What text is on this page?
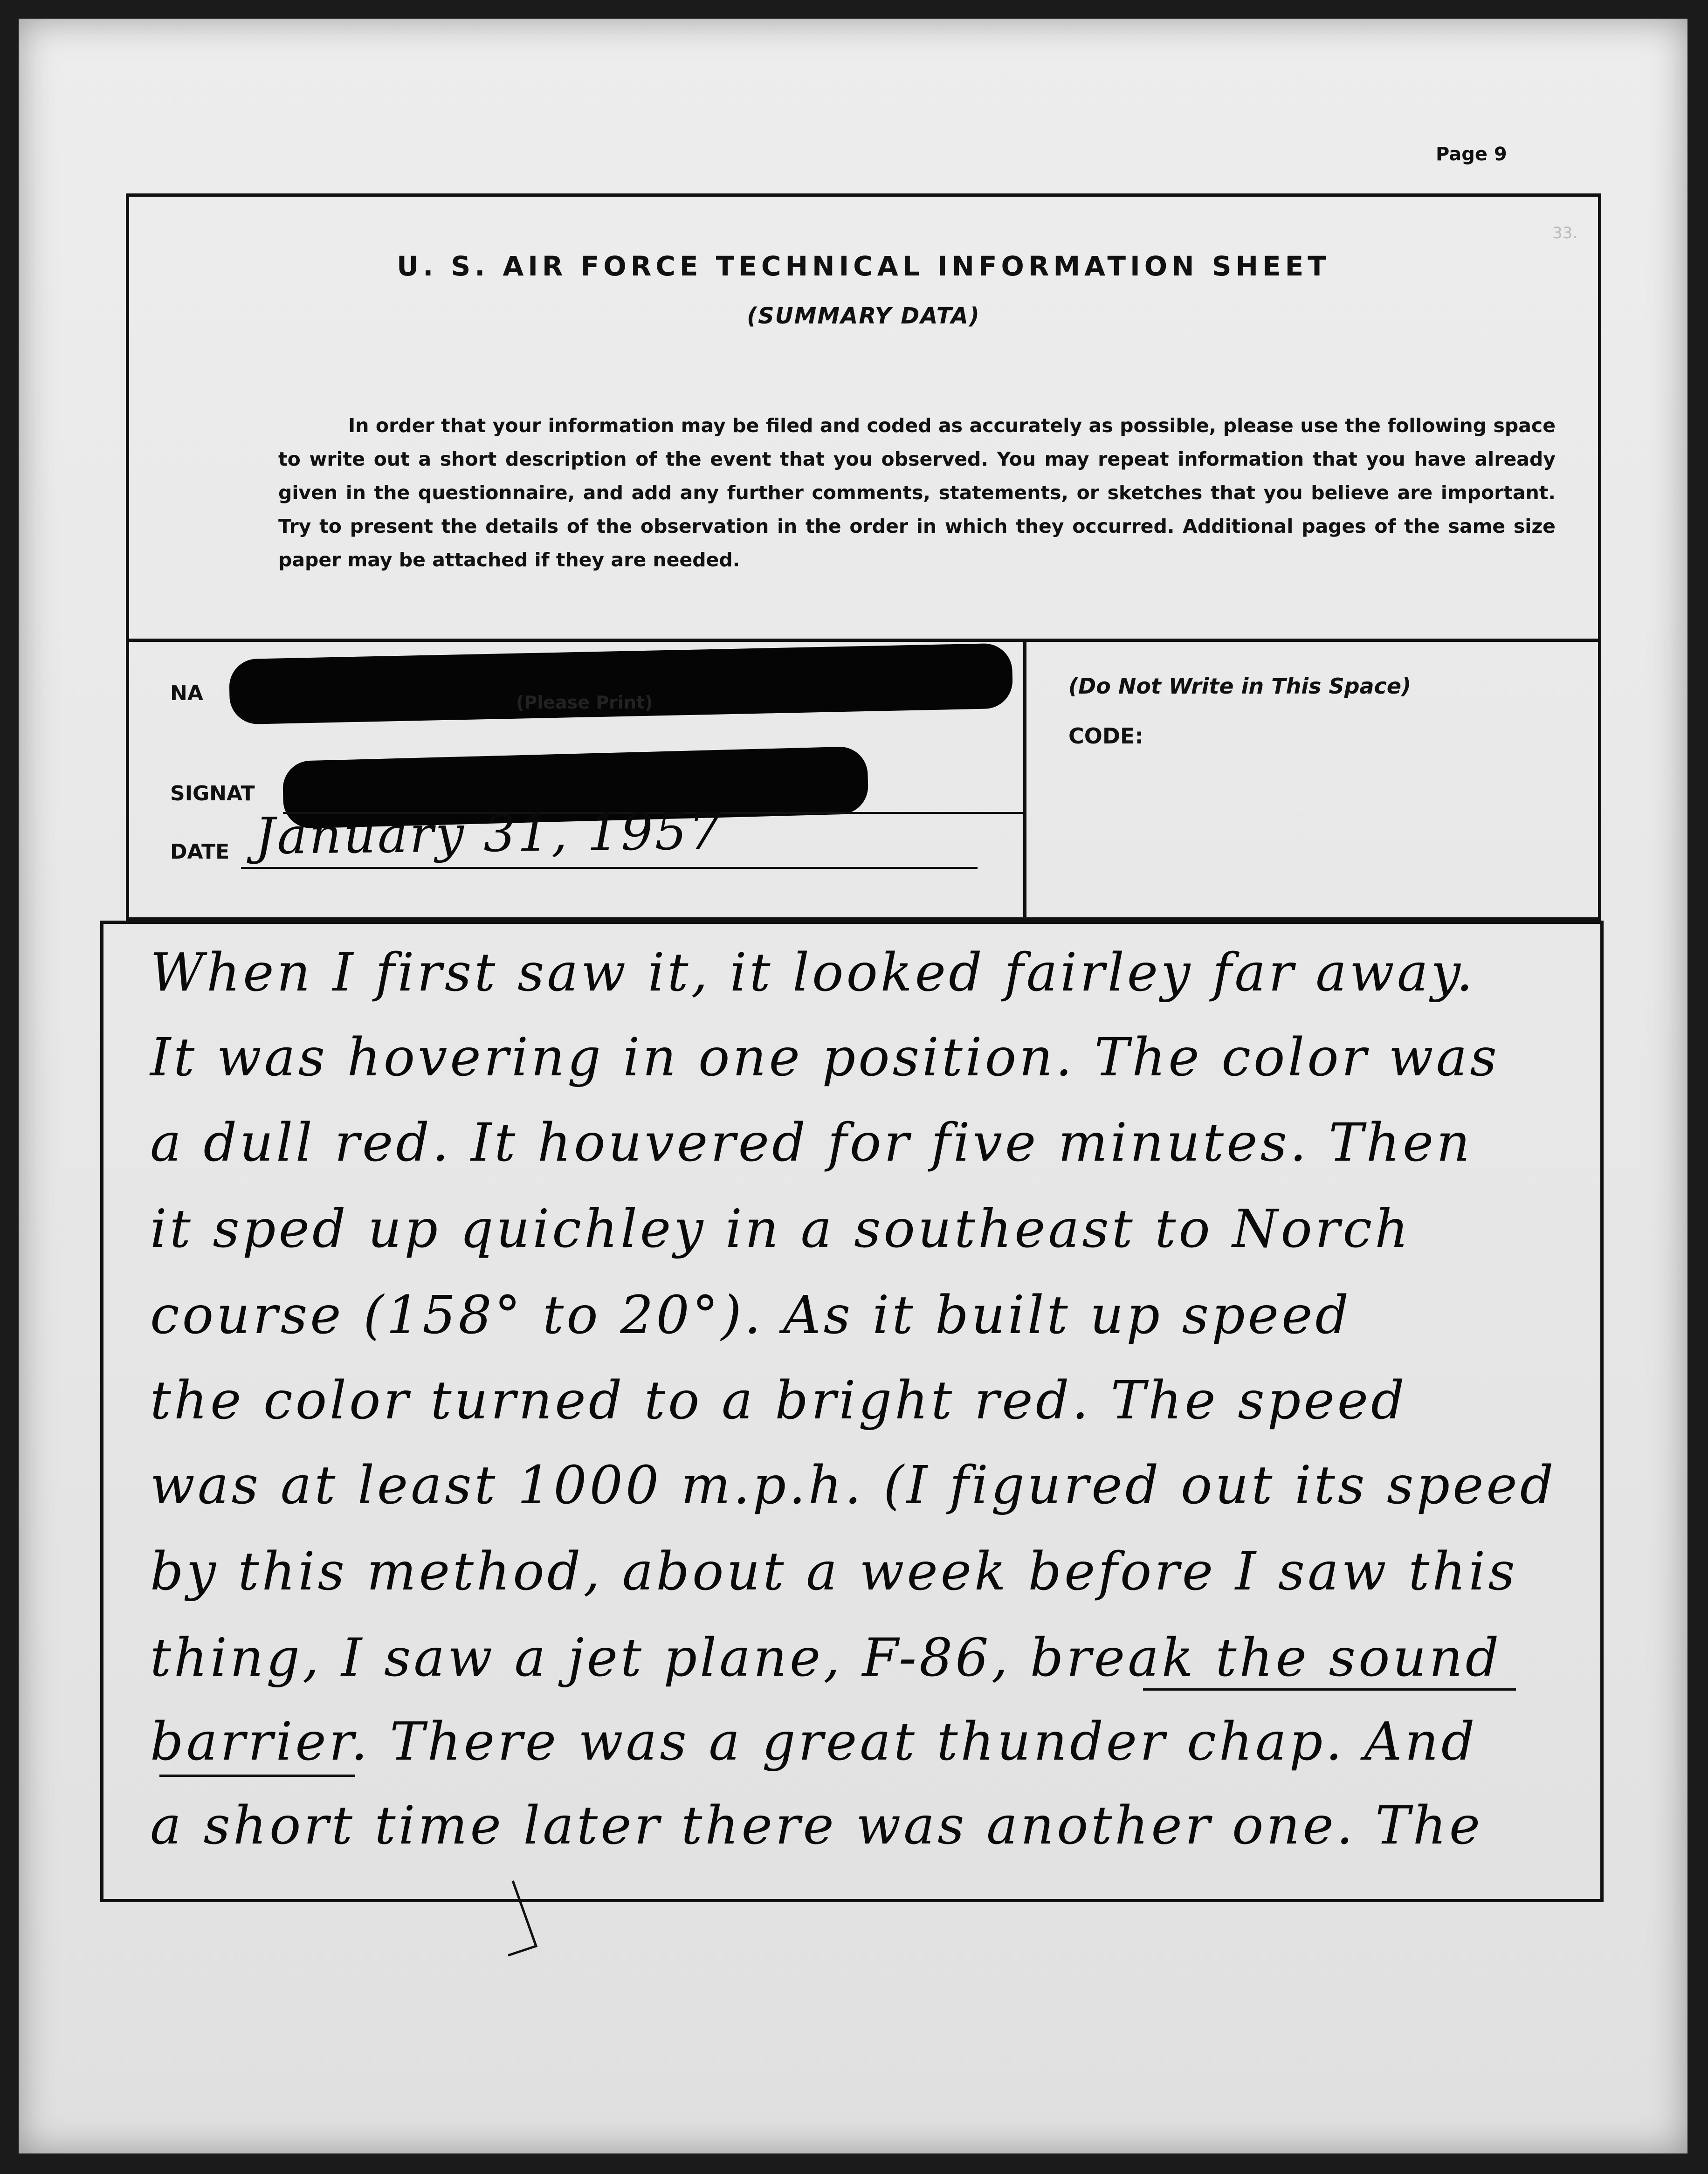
Page 9
33.
U. S. AIR FORCE TECHNICAL INFORMATION SHEET
(SUMMARY DATA)
In order that your information may be filed and coded as accurately as possible, please use the following space to write out a short description of the event that you observed. You may repeat information that you have already given in the questionnaire, and add any further comments, statements, or sketches that you believe are important. Try to present the details of the observation in the order in which they occurred. Additional pages of the same size paper may be attached if they are needed.
NA	(Please Print)
SIGNAT
DATE January 31, 1957
(Do Not Write in This Space)
CODE:
When I first saw it, it looked fairley far away.
It was hovering in one position. The color was
a dull red. It houvered for five minutes. Then
it sped up quichley in a southeast to Norch
course (158° to 20°). As it built up speed
the color turned to a bright red. The speed
was at least 1000 m.p.h. (I figured out its speed
by this method, about a week before I saw this
thing, I saw a jet plane, F-86, break the sound
barrier. There was a great thunder chap. And
a short time later there was another one. The
